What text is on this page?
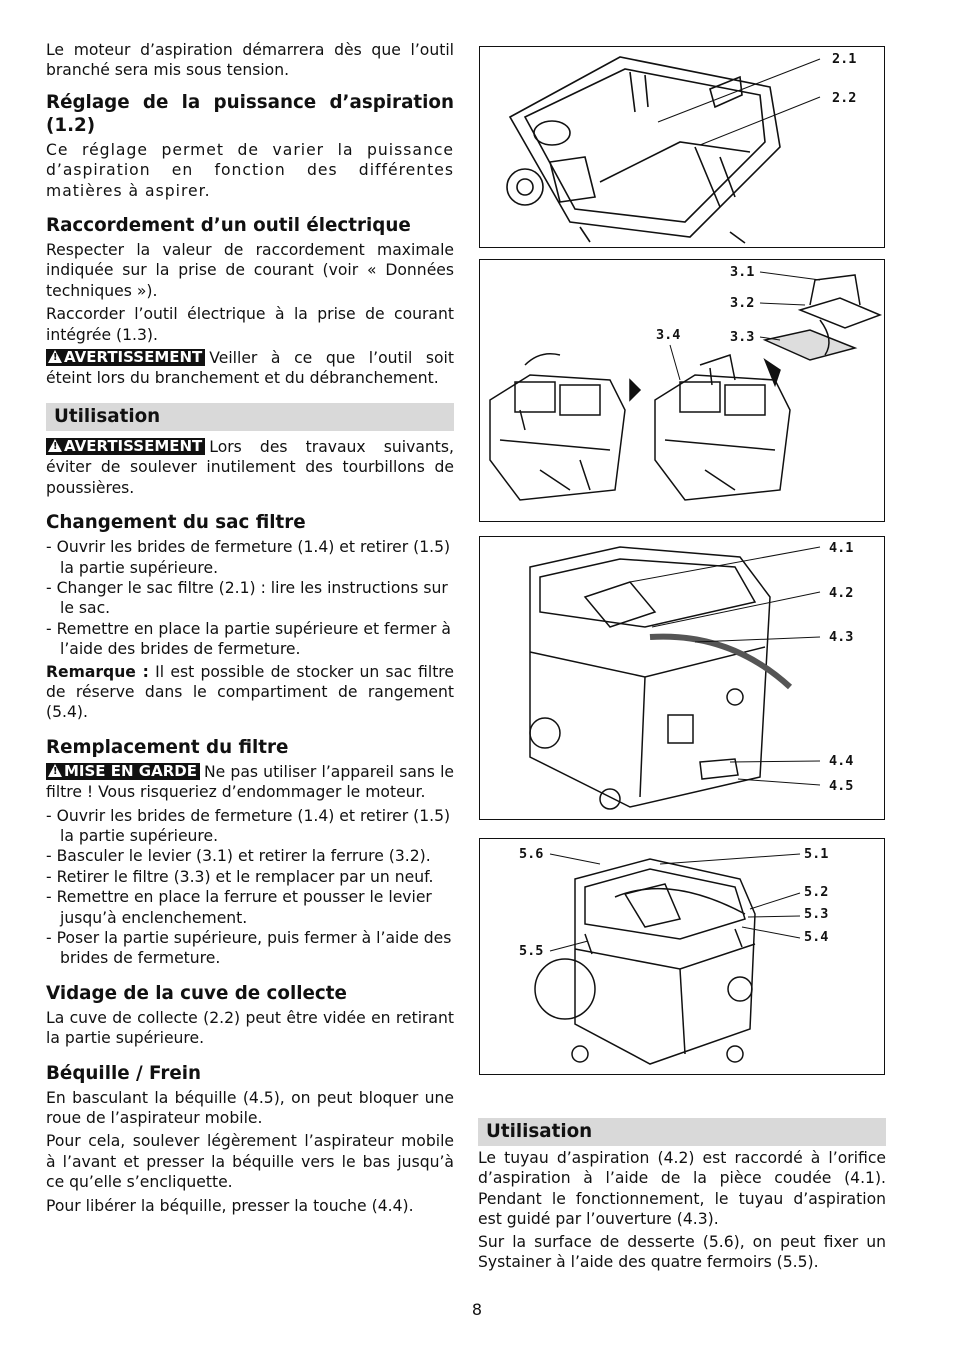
Le moteur d’aspiration démarrera dès que l’outil branché sera mis sous tension.

Réglage de la puissance d’aspiration (1.2)

Ce réglage permet de varier la puissance d’aspiration en fonction des différentes matières à aspirer.

Raccordement d’un outil électrique

Respecter la valeur de raccordement maximale indiquée sur la prise de courant (voir « Données techniques »).

Raccorder l’outil électrique à la prise de courant intégrée (1.3).

! AVERTISSEMENT Veiller à ce que l’outil soit éteint lors du branchement et du débranchement.

Utilisation

! AVERTISSEMENT Lors des travaux suivants, éviter de soulever inutilement des tourbillons de poussières.

Changement du sac filtre
- Ouvrir les brides de fermeture (1.4) et retirer (1.5) la partie supérieure.
- Changer le sac filtre (2.1) : lire les instructions sur le sac.
- Remettre en place la partie supérieure et fermer à l’aide des brides de fermeture.

Remarque : Il est possible de stocker un sac filtre de réserve dans le compartiment de rangement (5.4).

Remplacement du filtre

! MISE EN GARDE Ne pas utiliser l’appareil sans le filtre ! Vous risqueriez d’endommager le moteur.

- Ouvrir les brides de fermeture (1.4) et retirer (1.5) la partie supérieure.
- Basculer le levier (3.1) et retirer la ferrure (3.2).
- Retirer le filtre (3.3) et le remplacer par un neuf.
- Remettre en place la ferrure et pousser le levier jusqu’à enclenchement.
- Poser la partie supérieure, puis fermer à l’aide des brides de fermeture.
Vidage de la cuve de collecte

La cuve de collecte (2.2) peut être vidée en retirant la partie supérieure.

Béquille / Frein

En basculant la béquille (4.5), on peut bloquer une roue de l’aspirateur mobile.

Pour cela, soulever légèrement l’aspirateur mobile à l’avant et presser la béquille vers le bas jusqu’à ce qu’elle s’encliquette.

Pour libérer la béquille, presser la touche (4.4).

2.1
2.2
3.1
3.2
3.3
3.4
4.1
4.2
4.3
4.4
4.5
5.6
5.5
5.1
5.2
5.3
5.4
Utilisation

Le tuyau d’aspiration (4.2) est raccordé à l’orifice d’aspiration à l’aide de la pièce coudée (4.1). Pendant le fonctionnement, le tuyau d’aspiration est guidé par l’ouverture (4.3).

Sur la surface de desserte (5.6), on peut fixer un Systainer à l’aide des quatre fermoirs (5.5).

8
